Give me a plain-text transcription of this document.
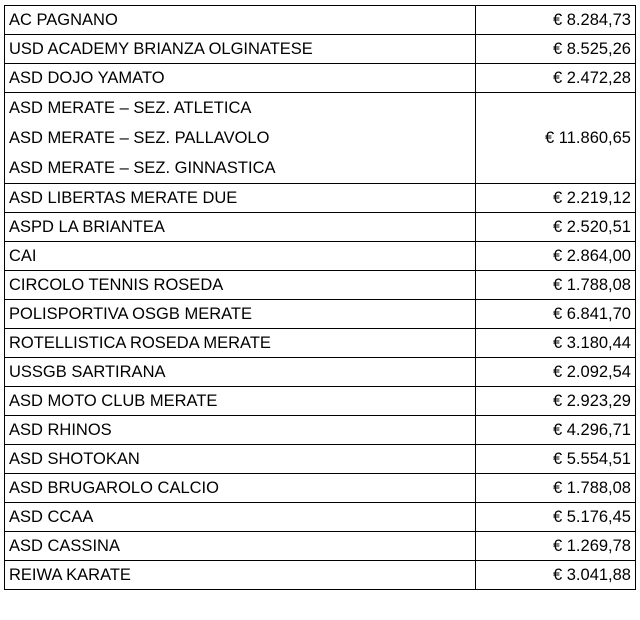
AC PAGNANO	€ 8.284,73
USD ACADEMY BRIANZA OLGINATESE	€ 8.525,26
ASD DOJO YAMATO	€ 2.472,28

ASD MERATE – SEZ. ATLETICA
ASD MERATE – SEZ. PALLAVOLO
ASD MERATE – SEZ. GINNASTICA	€ 11.860,65
ASD LIBERTAS MERATE DUE	€ 2.219,12
ASPD LA BRIANTEA	€ 2.520,51
CAI	€ 2.864,00
CIRCOLO TENNIS ROSEDA	€ 1.788,08
POLISPORTIVA OSGB MERATE	€ 6.841,70
ROTELLISTICA ROSEDA MERATE	€ 3.180,44
USSGB SARTIRANA	€ 2.092,54
ASD MOTO CLUB MERATE	€ 2.923,29
ASD RHINOS	€ 4.296,71
ASD SHOTOKAN	€ 5.554,51
ASD BRUGAROLO CALCIO	€ 1.788,08
ASD CCAA	€ 5.176,45
ASD CASSINA	€ 1.269,78
REIWA KARATE	€ 3.041,88
